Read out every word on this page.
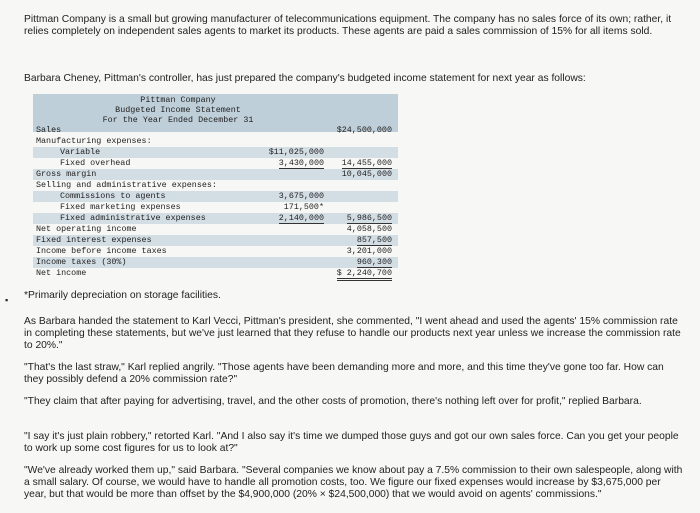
Pittman Company is a small but growing manufacturer of telecommunications equipment. The company has no sales force of its own; rather, it relies completely on independent sales agents to market its products. These agents are paid a sales commission of 15% for all items sold.

Barbara Cheney, Pittman's controller, has just prepared the company's budgeted income statement for next year as follows:

Pittman Company
Budgeted Income Statement
For the Year Ended December 31
Sales	$24,500,000
Manufacturing expenses:
Variable	$11,025,000
Fixed overhead	3,430,000 14,455,000
Gross margin	10,045,000
Selling and administrative expenses:
Commissions to agents	3,675,000
Fixed marketing expenses	171,500*
Fixed administrative expenses	2,140,000	5,986,500
Net operating income	4,058,500
Fixed interest expenses	857,500
Income before income taxes	3,201,000
Income taxes (30%)	960,300
Net income	$ 2,240,700
▪ *Primarily depreciation on storage facilities.

As Barbara handed the statement to Karl Vecci, Pittman's president, she commented, "I went ahead and used the agents' 15% commission rate in completing these statements, but we've just learned that they refuse to handle our products next year unless we increase the commission rate to 20%."

"That's the last straw," Karl replied angrily. "Those agents have been demanding more and more, and this time they've gone too far. How can they possibly defend a 20% commission rate?"

"They claim that after paying for advertising, travel, and the other costs of promotion, there's nothing left over for profit," replied Barbara.

"I say it's just plain robbery," retorted Karl. "And I also say it's time we dumped those guys and got our own sales force. Can you get your people to work up some cost figures for us to look at?"

"We've already worked them up," said Barbara. "Several companies we know about pay a 7.5% commission to their own salespeople, along with a small salary. Of course, we would have to handle all promotion costs, too. We figure our fixed expenses would increase by $3,675,000 per year, but that would be more than offset by the $4,900,000 (20% × $24,500,000) that we would avoid on agents' commissions."
